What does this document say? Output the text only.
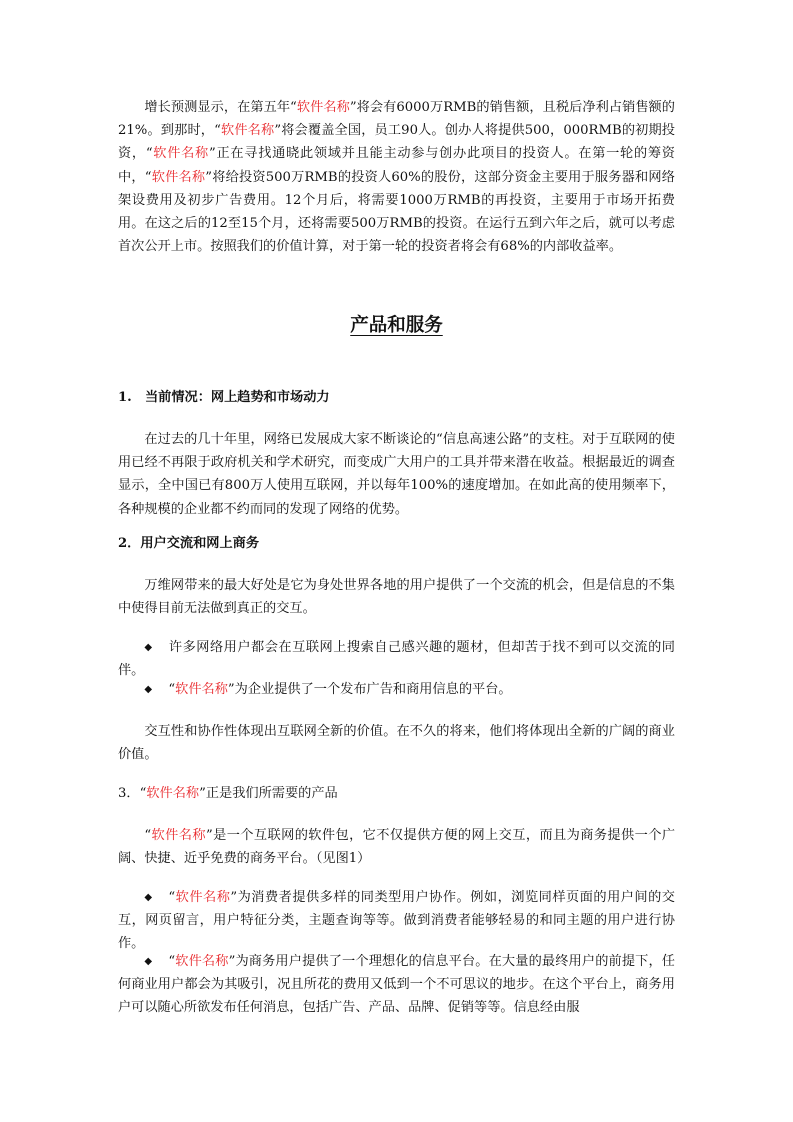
增长预测显示，在第五年“软件名称”将会有6000万RMB的销售额，且税后净利占销售额的21%。到那时，“软件名称”将会覆盖全国，员工90人。创办人将提供500，000RMB的初期投资，“软件名称”正在寻找通晓此领域并且能主动参与创办此项目的投资人。在第一轮的筹资中，“软件名称”将给投资500万RMB的投资人60%的股份，这部分资金主要用于服务器和网络架设费用及初步广告费用。12个月后，将需要1000万RMB的再投资，主要用于市场开拓费用。在这之后的12至15个月，还将需要500万RMB的投资。在运行五到六年之后，就可以考虑首次公开上市。按照我们的价值计算，对于第一轮的投资者将会有68%的内部收益率。
产品和服务
1.　当前情况：网上趋势和市场动力
在过去的几十年里，网络已发展成大家不断谈论的“信息高速公路”的支柱。对于互联网的使用已经不再限于政府机关和学术研究，而变成广大用户的工具并带来潜在收益。根据最近的调查显示，全中国已有800万人使用互联网，并以每年100%的速度增加。在如此高的使用频率下，各种规模的企业都不约而同的发现了网络的优势。
2．用户交流和网上商务
万维网带来的最大好处是它为身处世界各地的用户提供了一个交流的机会，但是信息的不集中使得目前无法做到真正的交互。
◆ 许多网络用户都会在互联网上搜索自己感兴趣的题材，但却苦于找不到可以交流的同伴。
◆ “软件名称”为企业提供了一个发布广告和商用信息的平台。
交互性和协作性体现出互联网全新的价值。在不久的将来，他们将体现出全新的广阔的商业价值。
3．“软件名称”正是我们所需要的产品
“软件名称”是一个互联网的软件包，它不仅提供方便的网上交互，而且为商务提供一个广阔、快捷、近乎免费的商务平台。（见图1）
◆ “软件名称”为消费者提供多样的同类型用户协作。例如，浏览同样页面的用户间的交互，网页留言，用户特征分类，主题查询等等。做到消费者能够轻易的和同主题的用户进行协作。
◆ “软件名称”为商务用户提供了一个理想化的信息平台。在大量的最终用户的前提下，任何商业用户都会为其吸引，况且所花的费用又低到一个不可思议的地步。在这个平台上，商务用户可以随心所欲发布任何消息，包括广告、产品、品牌、促销等等。信息经由服
